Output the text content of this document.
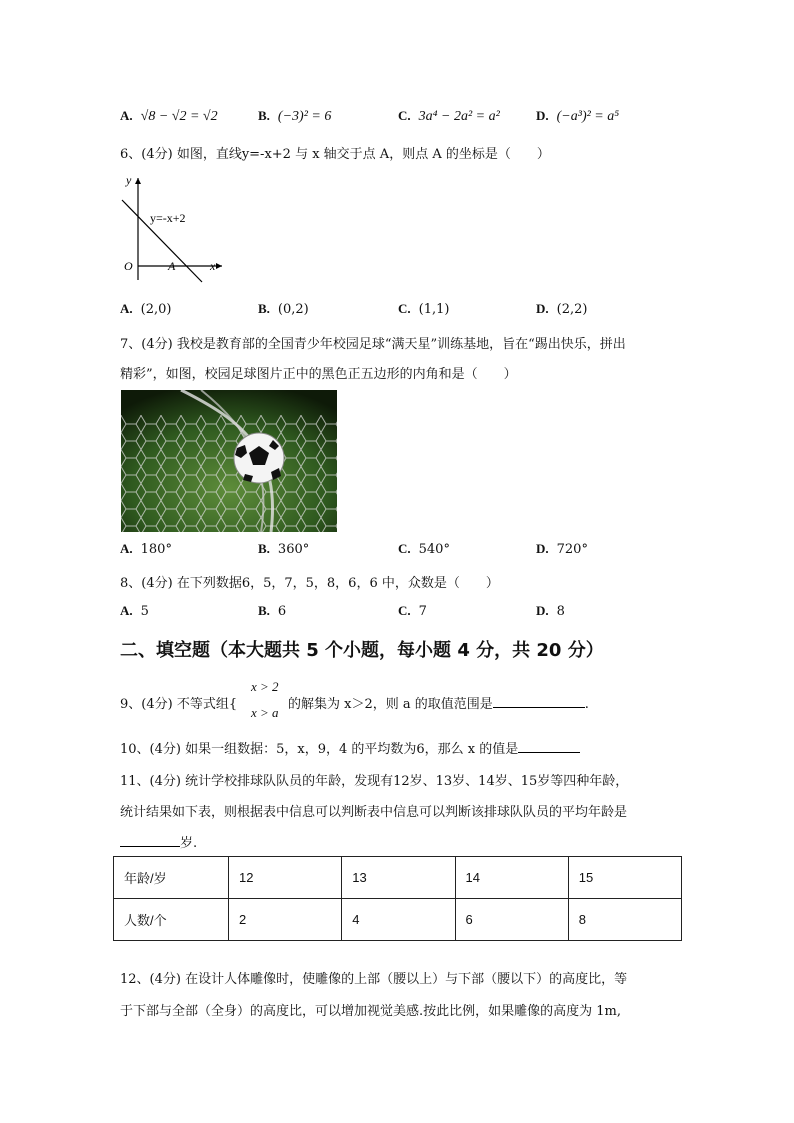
A. √8 − √2 = √2	B. (−3)² = 6	C. 3a⁴ − 2a² = a²	D. (−a³)² = a⁵
6、(4分) 如图，直线y=-x+2 与 x 轴交于点 A，则点 A 的坐标是（　　）
y
x
O	A
y=-x+2
A. (2,0)	B. (0,2)	C. (1,1)	D. (2,2)
7、(4分) 我校是教育部的全国青少年校园足球“满天星”训练基地，旨在“踢出快乐，拼出
精彩”，如图，校园足球图片正中的黑色正五边形的内角和是（　　）
A. 180°	B. 360°	C. 540°	D. 720°
8、(4分) 在下列数据6，5，7，5，8，6，6 中，众数是（　　）
A. 5	B. 6	C. 7	D. 8
二、填空题（本大题共 5 个小题，每小题 4 分，共 20 分）
9、(4分) 不等式组{
x > 2
x > a
的解集为 x＞2，则 a 的取值范围是	.
10、(4分) 如果一组数据：5，x，9，4 的平均数为6，那么 x 的值是
11、(4分) 统计学校排球队队员的年龄，发现有12岁、13岁、14岁、15岁等四种年龄，
统计结果如下表，则根据表中信息可以判断表中信息可以判断该排球队队员的平均年龄是
岁.
年龄/岁	12	13	14	15
人数/个	2	4	6	8
12、(4分) 在设计人体雕像时，使雕像的上部（腰以上）与下部（腰以下）的高度比，等
于下部与全部（全身）的高度比，可以增加视觉美感.按此比例，如果雕像的高度为 1m,
